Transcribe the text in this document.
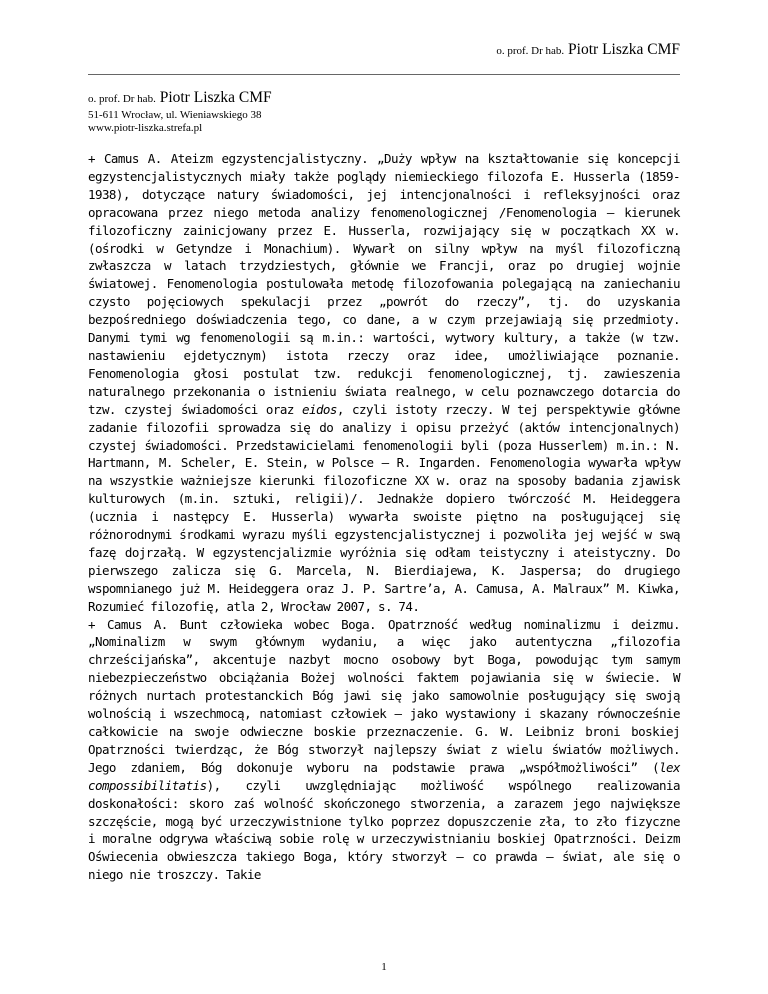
o. prof. Dr hab. Piotr Liszka CMF
o. prof. Dr hab. Piotr Liszka CMF
51-611 Wrocław, ul. Wieniawskiego 38
www.piotr-liszka.strefa.pl

+ Camus A. Ateizm egzystencjalistyczny. „Duży wpływ na kształtowanie się koncepcji egzystencjalistycznych miały także poglądy niemieckiego filozofa E. Husserla (1859-1938), dotyczące natury świadomości, jej intencjonalności i refleksyjności oraz opracowana przez niego metoda analizy fenomenologicznej /Fenomenologia – kierunek filozoficzny zainicjowany przez E. Husserla, rozwijający się w początkach XX w. (ośrodki w Getyndze i Monachium). Wywarł on silny wpływ na myśl filozoficzną zwłaszcza w latach trzydziestych, głównie we Francji, oraz po drugiej wojnie światowej. Fenomenologia postulowała metodę filozofowania polegającą na zaniechaniu czysto pojęciowych spekulacji przez „powrót do rzeczy”, tj. do uzyskania bezpośredniego doświadczenia tego, co dane, a w czym przejawiają się przedmioty. Danymi tymi wg fenomenologii są m.in.: wartości, wytwory kultury, a także (w tzw. nastawieniu ejdetycznym) istota rzeczy oraz idee, umożliwiające poznanie. Fenomenologia głosi postulat tzw. redukcji fenomenologicznej, tj. zawieszenia naturalnego przekonania o istnieniu świata realnego, w celu poznawczego dotarcia do tzw. czystej świadomości oraz eidos, czyli istoty rzeczy. W tej perspektywie główne zadanie filozofii sprowadza się do analizy i opisu przeżyć (aktów intencjonalnych) czystej świadomości. Przedstawicielami fenomenologii byli (poza Husserlem) m.in.: N. Hartmann, M. Scheler, E. Stein, w Polsce – R. Ingarden. Fenomenologia wywarła wpływ na wszystkie ważniejsze kierunki filozoficzne XX w. oraz na sposoby badania zjawisk kulturowych (m.in. sztuki, religii)/. Jednakże dopiero twórczość M. Heideggera (ucznia i następcy E. Husserla) wywarła swoiste piętno na posługującej się różnorodnymi środkami wyrazu myśli egzystencjalistycznej i pozwoliła jej wejść w swą fazę dojrzałą. W egzystencjalizmie wyróżnia się odłam teistyczny i ateistyczny. Do pierwszego zalicza się G. Marcela, N. Bierdiajewa, K. Jaspersa; do drugiego wspomnianego już M. Heideggera oraz J. P. Sartre’a, A. Camusa, A. Malraux” M. Kiwka, Rozumieć filozofię, atla 2, Wrocław 2007, s. 74.

+ Camus A. Bunt człowieka wobec Boga. Opatrzność według nominalizmu i deizmu. „Nominalizm w swym głównym wydaniu, a więc jako autentyczna „filozofia chrześcijańska”, akcentuje nazbyt mocno osobowy byt Boga, powodując tym samym niebezpieczeństwo obciążania Bożej wolności faktem pojawiania się w świecie. W różnych nurtach protestanckich Bóg jawi się jako samowolnie posługujący się swoją wolnością i wszechmocą, natomiast człowiek – jako wystawiony i skazany równocześnie całkowicie na swoje odwieczne boskie przeznaczenie. G. W. Leibniz broni boskiej Opatrzności twierdząc, że Bóg stworzył najlepszy świat z wielu światów możliwych. Jego zdaniem, Bóg dokonuje wyboru na podstawie prawa „współmożliwości” (lex compossibilitatis), czyli uwzględniając możliwość wspólnego realizowania doskonałości: skoro zaś wolność skończonego stworzenia, a zarazem jego największe szczęście, mogą być urzeczywistnione tylko poprzez dopuszczenie zła, to zło fizyczne i moralne odgrywa właściwą sobie rolę w urzeczywistnianiu boskiej Opatrzności. Deizm Oświecenia obwieszcza takiego Boga, który stworzył – co prawda – świat, ale się o niego nie troszczy. Takie

1
